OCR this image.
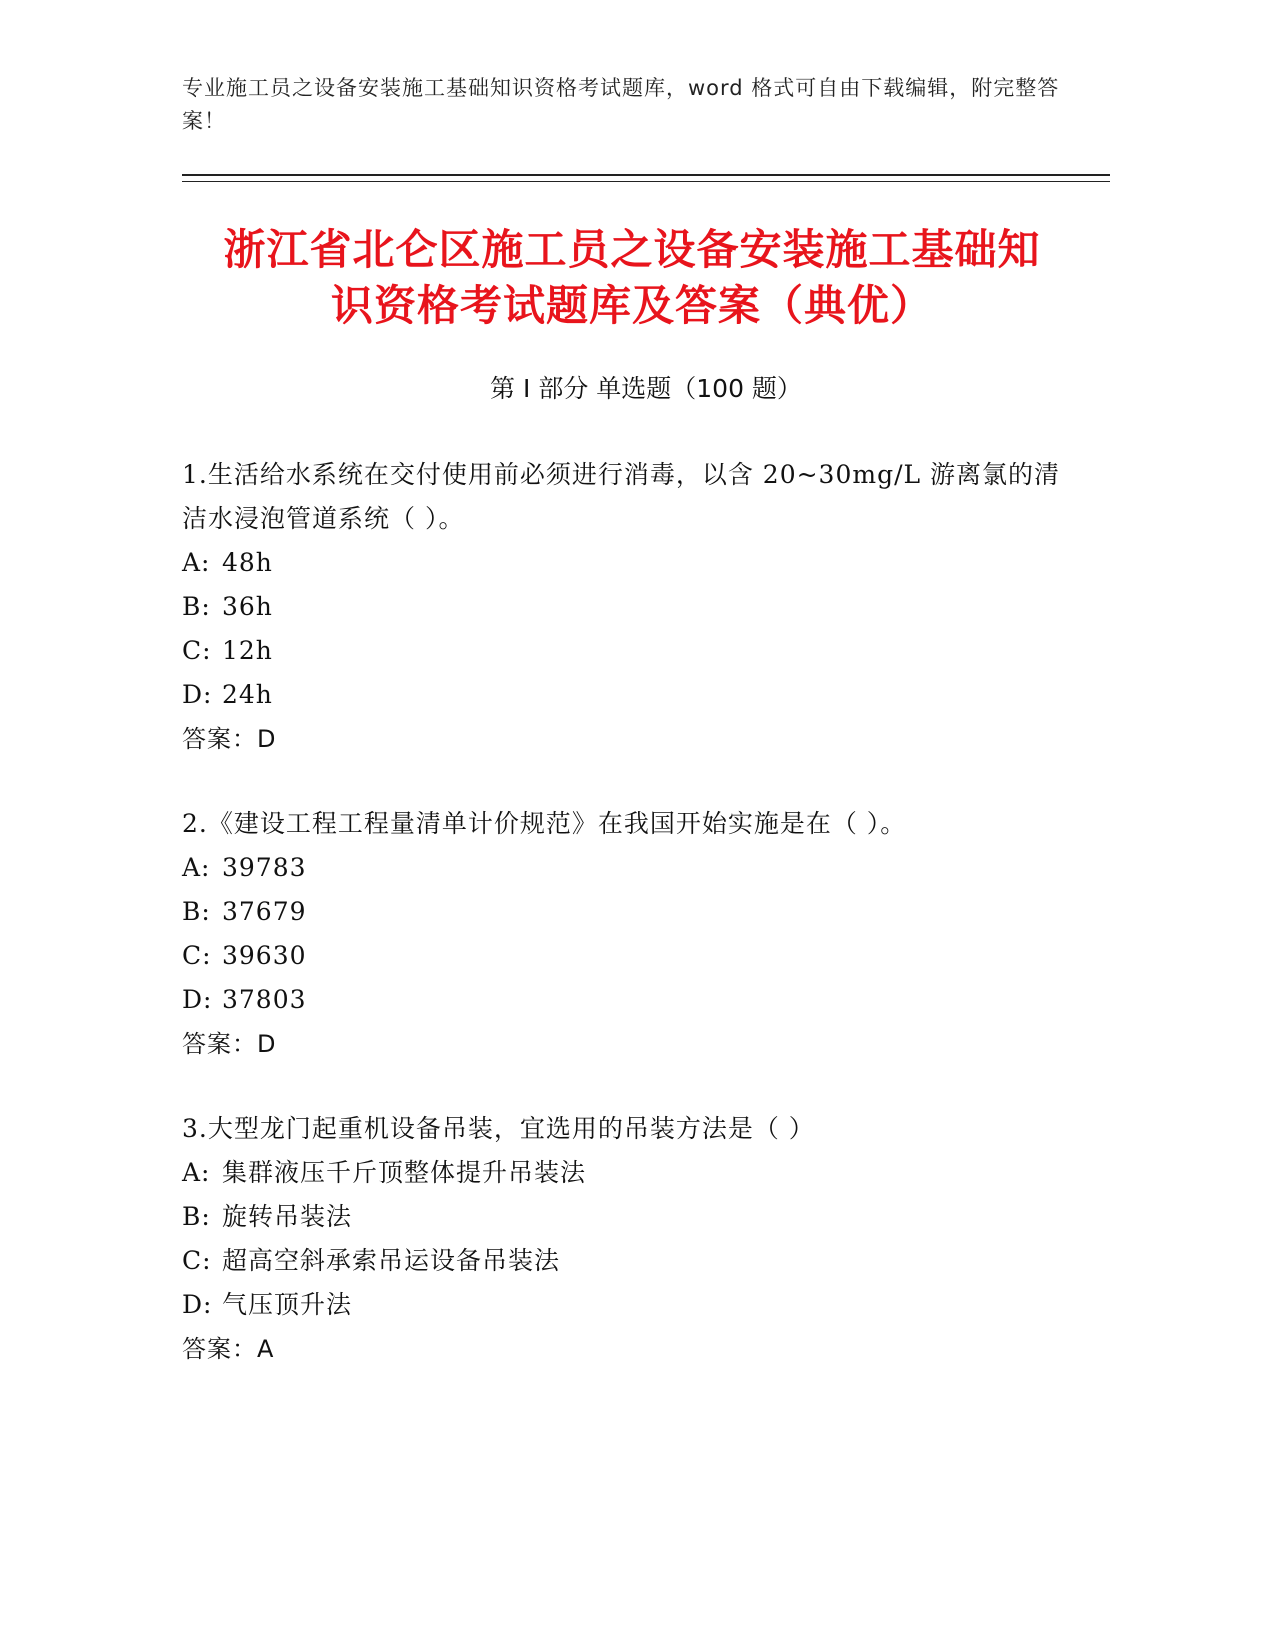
专业施工员之设备安装施工基础知识资格考试题库，word 格式可自由下载编辑，附完整答案！
浙江省北仑区施工员之设备安装施工基础知
识资格考试题库及答案（典优）
第 I 部分 单选题（100 题）
1.生活给水系统在交付使用前必须进行消毒，以含 20~30mg/L 游离氯的清洁水浸泡管道系统（ ）。
A: 48h
B: 36h
C: 12h
D: 24h
答案：D
2.《建设工程工程量清单计价规范》在我国开始实施是在（ ）。
A: 39783
B: 37679
C: 39630
D: 37803
答案：D
3.大型龙门起重机设备吊装，宜选用的吊装方法是（ ）
A: 集群液压千斤顶整体提升吊装法
B: 旋转吊装法
C: 超高空斜承索吊运设备吊装法
D: 气压顶升法
答案：A
